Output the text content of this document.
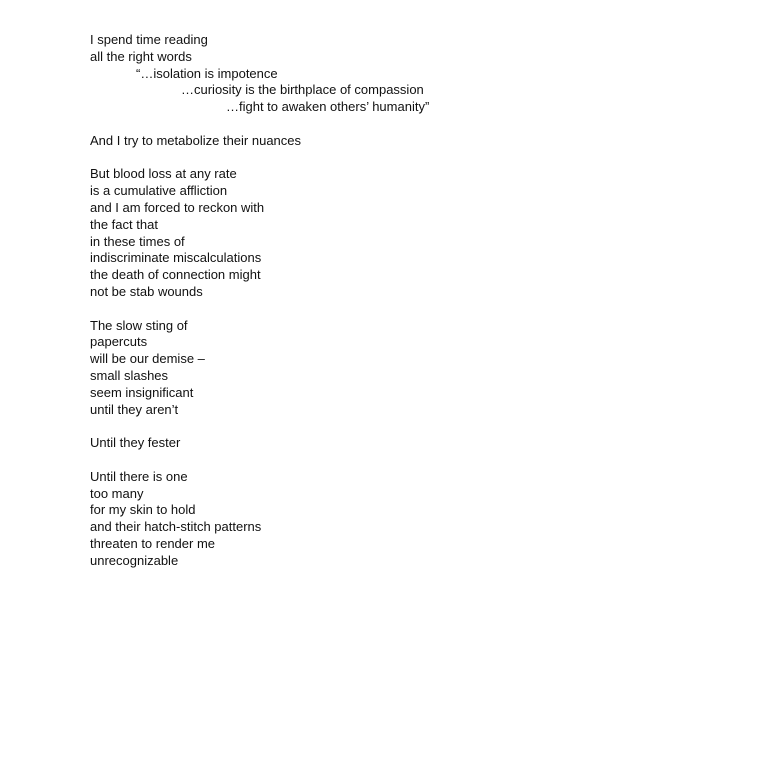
I spend time reading
all the right words
“…isolation is impotence
…curiosity is the birthplace of compassion
…fight to awaken others’ humanity”
And I try to metabolize their nuances
But blood loss at any rate
is a cumulative affliction
and I am forced to reckon with
the fact that
in these times of
indiscriminate miscalculations
the death of connection might
not be stab wounds
The slow sting of
papercuts
will be our demise –
small slashes
seem insignificant
until they aren’t
Until they fester
Until there is one
too many
for my skin to hold
and their hatch-stitch patterns
threaten to render me
unrecognizable
